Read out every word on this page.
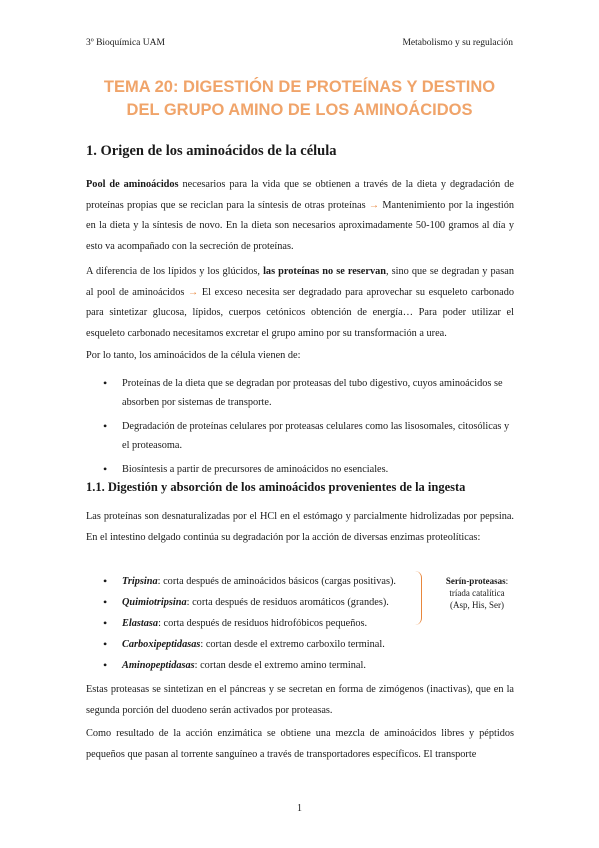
3º Bioquímica UAM	Metabolismo y su regulación
TEMA 20: DIGESTIÓN DE PROTEÍNAS Y DESTINO
DEL GRUPO AMINO DE LOS AMINOÁCIDOS
1. Origen de los aminoácidos de la célula

Pool de aminoácidos necesarios para la vida que se obtienen a través de la dieta y degradación de proteínas propias que se reciclan para la síntesis de otras proteínas → Mantenimiento por la ingestión en la dieta y la síntesis de novo. En la dieta son necesarios aproximadamente 50-100 gramos al día y esto va acompañado con la secreción de proteínas.

A diferencia de los lípidos y los glúcidos, las proteínas no se reservan, sino que se degradan y pasan al pool de aminoácidos → El exceso necesita ser degradado para aprovechar su esqueleto carbonado para sintetizar glucosa, lípidos, cuerpos cetónicos obtención de energía… Para poder utilizar el esqueleto carbonado necesitamos excretar el grupo amino por su transformación a urea.

Por lo tanto, los aminoácidos de la célula vienen de:

• Proteínas de la dieta que se degradan por proteasas del tubo digestivo, cuyos aminoácidos se absorben por sistemas de transporte.
• Degradación de proteínas celulares por proteasas celulares como las lisosomales, citosólicas y el proteasoma.
• Biosíntesis a partir de precursores de aminoácidos no esenciales.
1.1. Digestión y absorción de los aminoácidos provenientes de la ingesta

Las proteínas son desnaturalizadas por el HCl en el estómago y parcialmente hidrolizadas por pepsina. En el intestino delgado continúa su degradación por la acción de diversas enzimas proteolíticas:

• Tripsina: corta después de aminoácidos básicos (cargas positivas).
• Quimiotripsina: corta después de residuos aromáticos (grandes).
• Elastasa: corta después de residuos hidrofóbicos pequeños.
• Carboxipeptidasas: cortan desde el extremo carboxilo terminal.
• Aminopeptidasas: cortan desde el extremo amino terminal.
Serín-proteasas:
tríada catalítica
(Asp, His, Ser)

Estas proteasas se sintetizan en el páncreas y se secretan en forma de zimógenos (inactivas), que en la segunda porción del duodeno serán activados por proteasas.

Como resultado de la acción enzimática se obtiene una mezcla de aminoácidos libres y péptidos pequeños que pasan al torrente sanguíneo a través de transportadores específicos. El transporte

1
